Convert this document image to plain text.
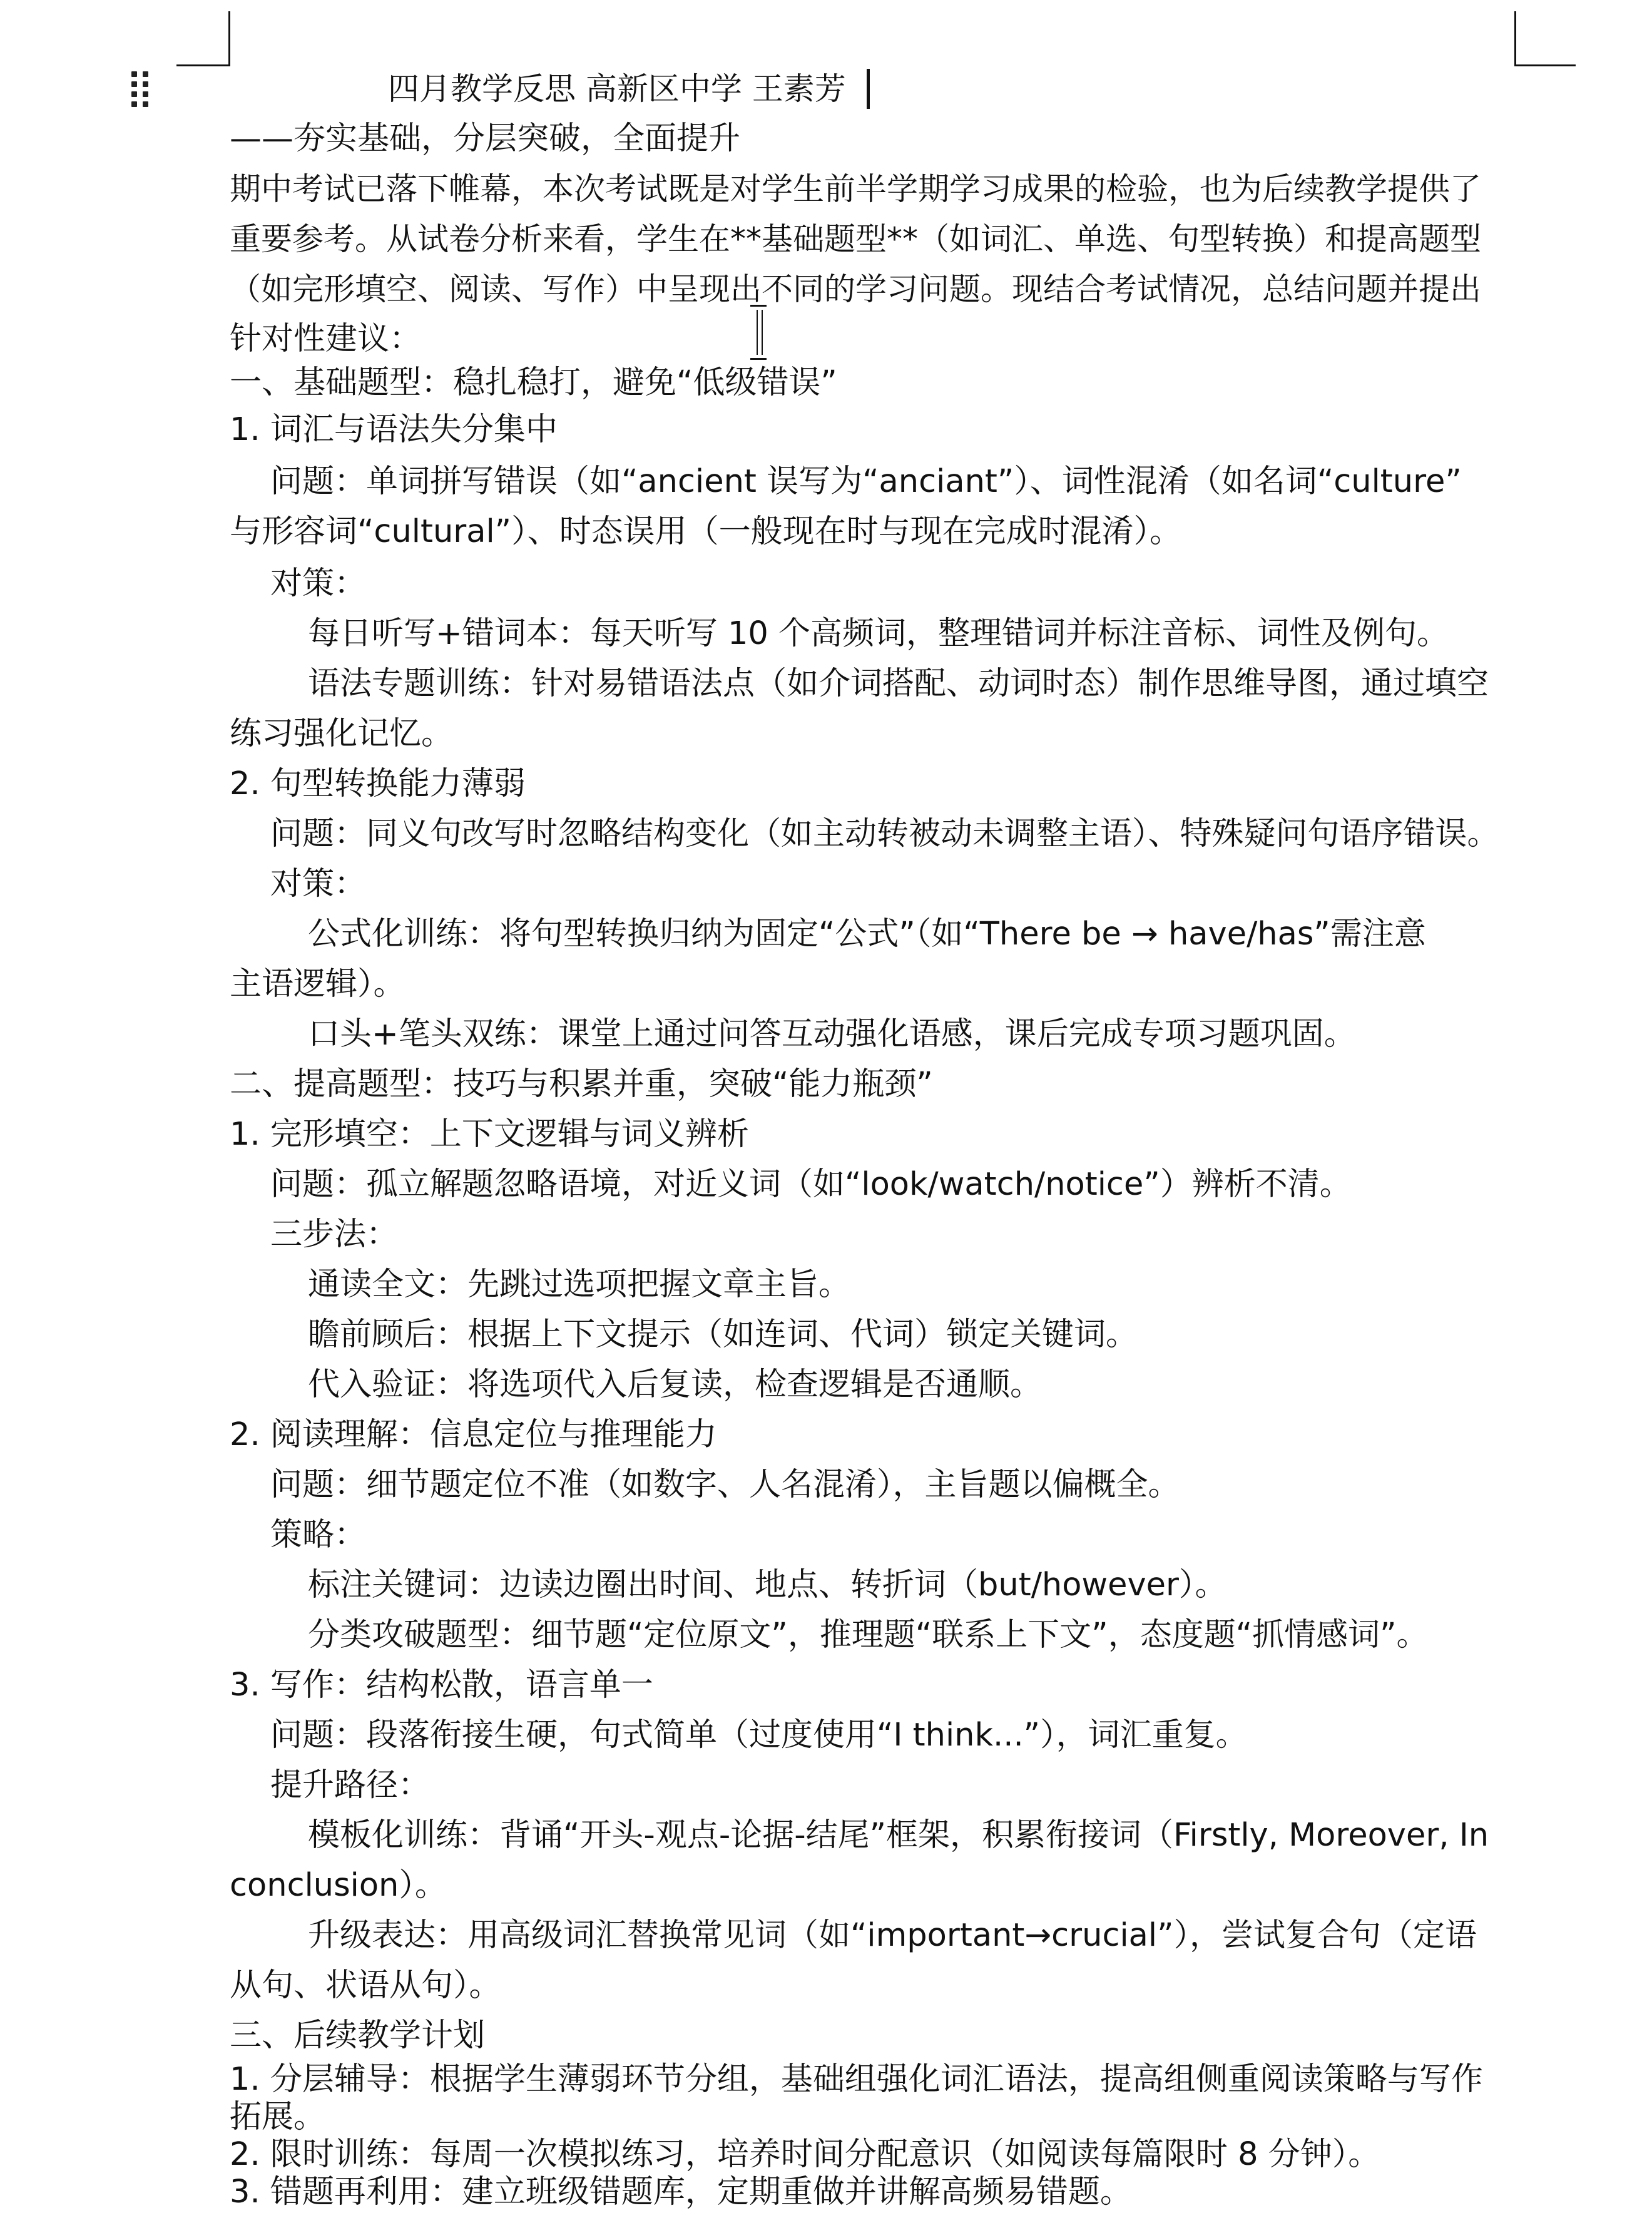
四月教学反思 高新区中学 王素芳
——夯实基础，分层突破，全面提升
期中考试已落下帷幕，本次考试既是对学生前半学期学习成果的检验，也为后续教学提供了
重要参考。从试卷分析来看，学生在**基础题型**（如词汇、单选、句型转换）和提高题型
（如完形填空、阅读、写作）中呈现出不同的学习问题。现结合考试情况，总结问题并提出
针对性建议：
一、基础题型：稳扎稳打，避免“低级错误”
1. 词汇与语法失分集中
问题：单词拼写错误（如“ancient 误写为“anciant”）、词性混淆（如名词“culture”
与形容词“cultural”）、时态误用（一般现在时与现在完成时混淆）。
对策：
每日听写+错词本：每天听写 10 个高频词，整理错词并标注音标、词性及例句。
语法专题训练：针对易错语法点（如介词搭配、动词时态）制作思维导图，通过填空
练习强化记忆。
2. 句型转换能力薄弱
问题：同义句改写时忽略结构变化（如主动转被动未调整主语）、特殊疑问句语序错误。
对策：
公式化训练：将句型转换归纳为固定“公式”（如“There be → have/has”需注意
主语逻辑）。
口头+笔头双练：课堂上通过问答互动强化语感，课后完成专项习题巩固。
二、提高题型：技巧与积累并重，突破“能力瓶颈”
1. 完形填空：上下文逻辑与词义辨析
问题：孤立解题忽略语境，对近义词（如“look/watch/notice”）辨析不清。
三步法：
通读全文：先跳过选项把握文章主旨。
瞻前顾后：根据上下文提示（如连词、代词）锁定关键词。
代入验证：将选项代入后复读，检查逻辑是否通顺。
2. 阅读理解：信息定位与推理能力
问题：细节题定位不准（如数字、人名混淆），主旨题以偏概全。
策略：
标注关键词：边读边圈出时间、地点、转折词（but/however）。
分类攻破题型：细节题“定位原文”，推理题“联系上下文”，态度题“抓情感词”。
3. 写作：结构松散，语言单一
问题：段落衔接生硬，句式简单（过度使用“I think...”），词汇重复。
提升路径：
模板化训练：背诵“开头-观点-论据-结尾”框架，积累衔接词（Firstly, Moreover, In
conclusion）。
升级表达：用高级词汇替换常见词（如“important→crucial”），尝试复合句（定语
从句、状语从句）。
三、后续教学计划
1. 分层辅导：根据学生薄弱环节分组，基础组强化词汇语法，提高组侧重阅读策略与写作
拓展。
2. 限时训练：每周一次模拟练习，培养时间分配意识（如阅读每篇限时 8 分钟）。
3. 错题再利用：建立班级错题库，定期重做并讲解高频易错题。
